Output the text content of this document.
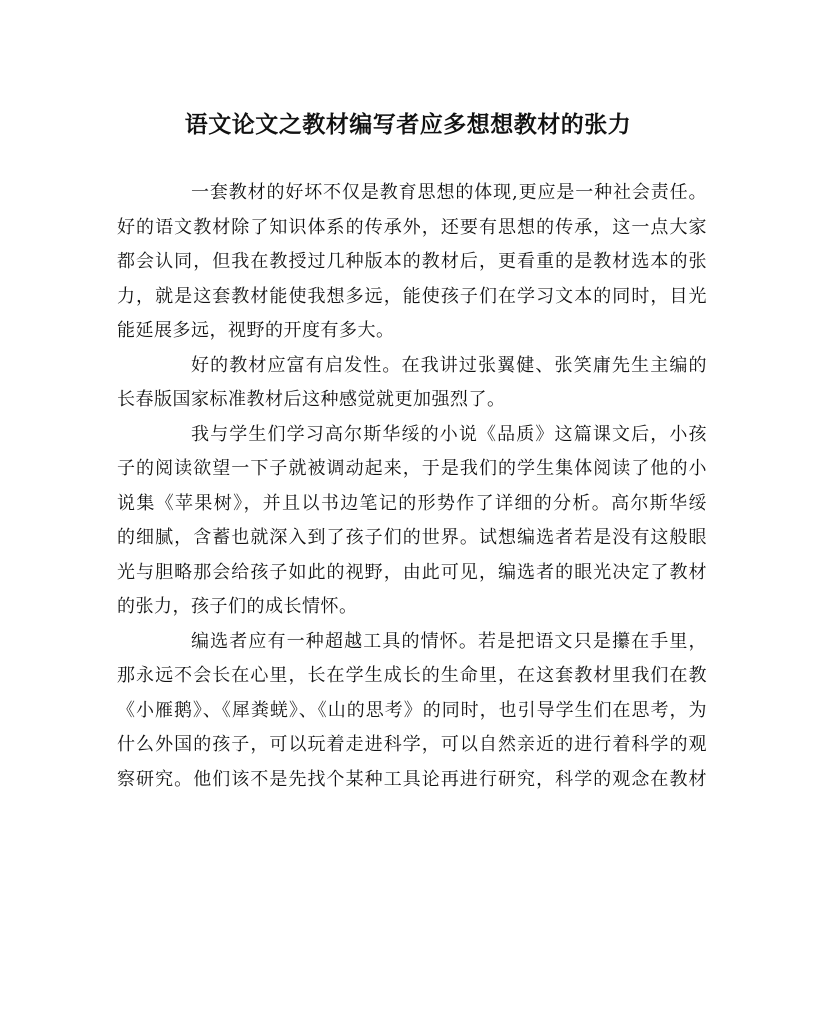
语文论文之教材编写者应多想想教材的张力
一套教材的好坏不仅是教育思想的体现,更应是一种社会责任。
好的语文教材除了知识体系的传承外，还要有思想的传承，这一点大家
都会认同，但我在教授过几种版本的教材后，更看重的是教材选本的张
力，就是这套教材能使我想多远，能使孩子们在学习文本的同时，目光
能延展多远，视野的开度有多大。
好的教材应富有启发性。在我讲过张翼健、张笑庸先生主编的
长春版国家标准教材后这种感觉就更加强烈了。
我与学生们学习高尔斯华绥的小说《品质》这篇课文后，小孩
子的阅读欲望一下子就被调动起来，于是我们的学生集体阅读了他的小
说集《苹果树》，并且以书边笔记的形势作了详细的分析。高尔斯华绥
的细腻，含蓄也就深入到了孩子们的世界。试想编选者若是没有这般眼
光与胆略那会给孩子如此的视野，由此可见，编选者的眼光决定了教材
的张力，孩子们的成长情怀。
编选者应有一种超越工具的情怀。若是把语文只是攥在手里，
那永远不会长在心里，长在学生成长的生命里，在这套教材里我们在教
《小雁鹅》、《犀粪蜣》、《山的思考》的同时，也引导学生们在思考，为
什么外国的孩子，可以玩着走进科学，可以自然亲近的进行着科学的观
察研究。他们该不是先找个某种工具论再进行研究，科学的观念在教材
